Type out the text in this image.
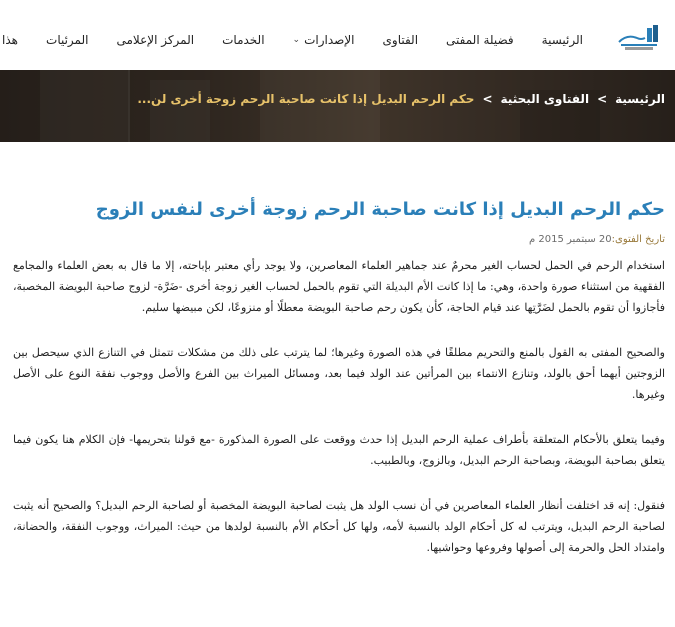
الرئيسية
فضيلة المفتى
الفتاوى
الإصدارات
⌄
الخدمات
المركز الإعلامى
المرئيات
هذا
الرئيسية
>
الفتاوى البحثية
>
حكم الرحم البديل إذا كانت صاحبة الرحم زوجة أخرى لن...
حكم الرحم البديل إذا كانت صاحبة الرحم زوجة أخرى لنفس الزوج
تاريخ الفتوى:20 سبتمبر 2015 م

استخدام الرحم في الحمل لحساب الغير محرمٌ عند جماهير العلماء المعاصرين، ولا يوجد رأي معتبر بإباحته، إلا ما قال به بعض العلماء والمجامع الفقهية من استثناء صورة واحدة، وهي: ما إذا كانت الأم البديلة التي تقوم بالحمل لحساب الغير زوجة أخرى -ضَرَّة- لزوج صاحبة البويضة المخصبة، فأجازوا أن تقوم بالحمل لضَرَّتِها عند قيام الحاجة، كأن يكون رحم صاحبة البويضة معطلًا أو منزوعًا، لكن مبيضها سليم.

والصحيح المفتى به القول بالمنع والتحريم مطلقًا في هذه الصورة وغيرها؛ لما يترتب على ذلك من مشكلات تتمثل في التنازع الذي سيحصل بين الزوجتين أيهما أحق بالولد، وتنازع الانتماء بين المرأتين عند الولد فيما بعد، ومسائل الميراث بين الفرع والأصل ووجوب نفقة النوع على الأصل وغيرها.

وفيما يتعلق بالأحكام المتعلقة بأطراف عملية الرحم البديل إذا حدث ووقعت على الصورة المذكورة -مع قولنا بتحريمها- فإن الكلام هنا يكون فيما يتعلق بصاحبة البويضة، وبصاحبة الرحم البديل، وبالزوج، وبالطبيب.

فنقول: إنه قد اختلفت أنظار العلماء المعاصرين في أن نسب الولد هل يثبت لصاحبة البويضة المخصبة أو لصاحبة الرحم البديل؟ والصحيح أنه يثبت لصاحبة الرحم البديل، ويترتب له كل أحكام الولد بالنسبة لأمه، ولها كل أحكام الأم بالنسبة لولدها من حيث: الميراث، ووجوب النفقة، والحضانة، وامتداد الحل والحرمة إلى أصولها وفروعها وحواشيها.
